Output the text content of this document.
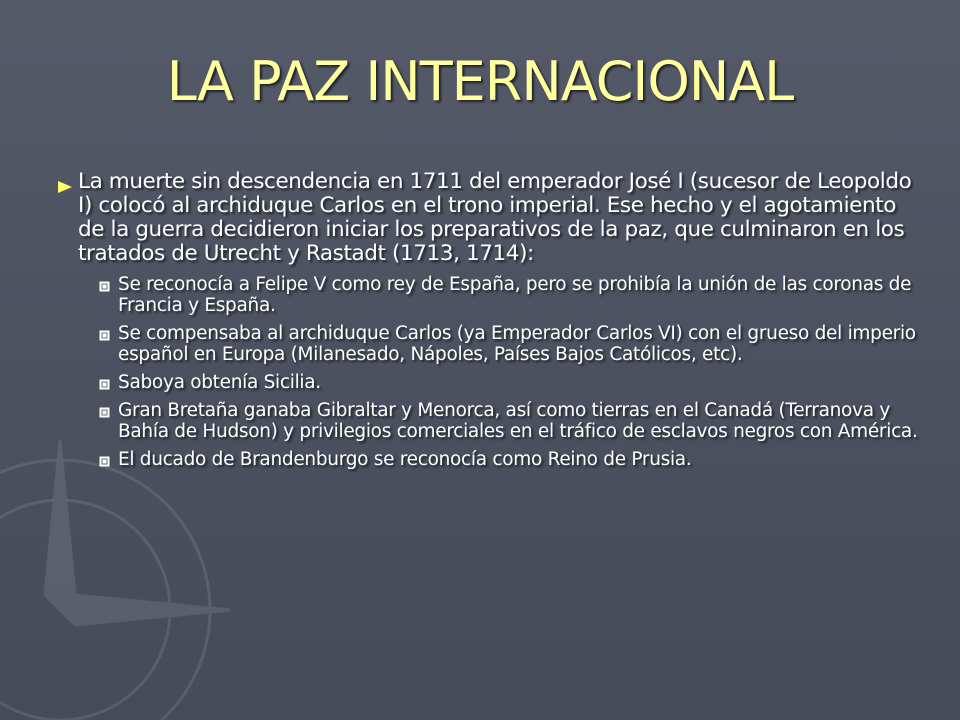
LA PAZ INTERNACIONAL
La muerte sin descendencia en 1711 del emperador José I (sucesor de Leopoldo I) colocó al archiduque Carlos en el trono imperial. Ese hecho y el agotamiento de la guerra decidieron iniciar los preparativos de la paz, que culminaron en los tratados de Utrecht y Rastadt (1713, 1714):
Se reconocía a Felipe V como rey de España, pero se prohibía la unión de las coronas de Francia y España.
Se compensaba al archiduque Carlos (ya Emperador Carlos VI) con el grueso del imperio español en Europa (Milanesado, Nápoles, Países Bajos Católicos, etc).
Saboya obtenía Sicilia.
Gran Bretaña ganaba Gibraltar y Menorca, así como tierras en el Canadá (Terranova y Bahía de Hudson) y privilegios comerciales en el tráfico de esclavos negros con América.
El ducado de Brandenburgo se reconocía como Reino de Prusia.
